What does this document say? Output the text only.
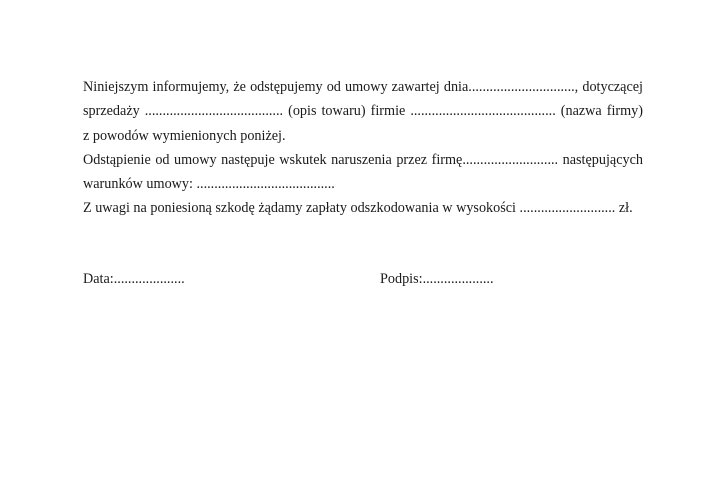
Niniejszym informujemy, że odstępujemy od umowy zawartej dnia.............................., dotyczącej
sprzedaży ....................................... (opis towaru) firmie ......................................... (nazwa firmy)
z powodów wymienionych poniżej.
Odstąpienie od umowy następuje wskutek naruszenia przez firmę........................... następujących
warunków umowy: .......................................
Z uwagi na poniesioną szkodę żądamy zapłaty odszkodowania w wysokości ........................... zł.
Data:....................	Podpis:....................
